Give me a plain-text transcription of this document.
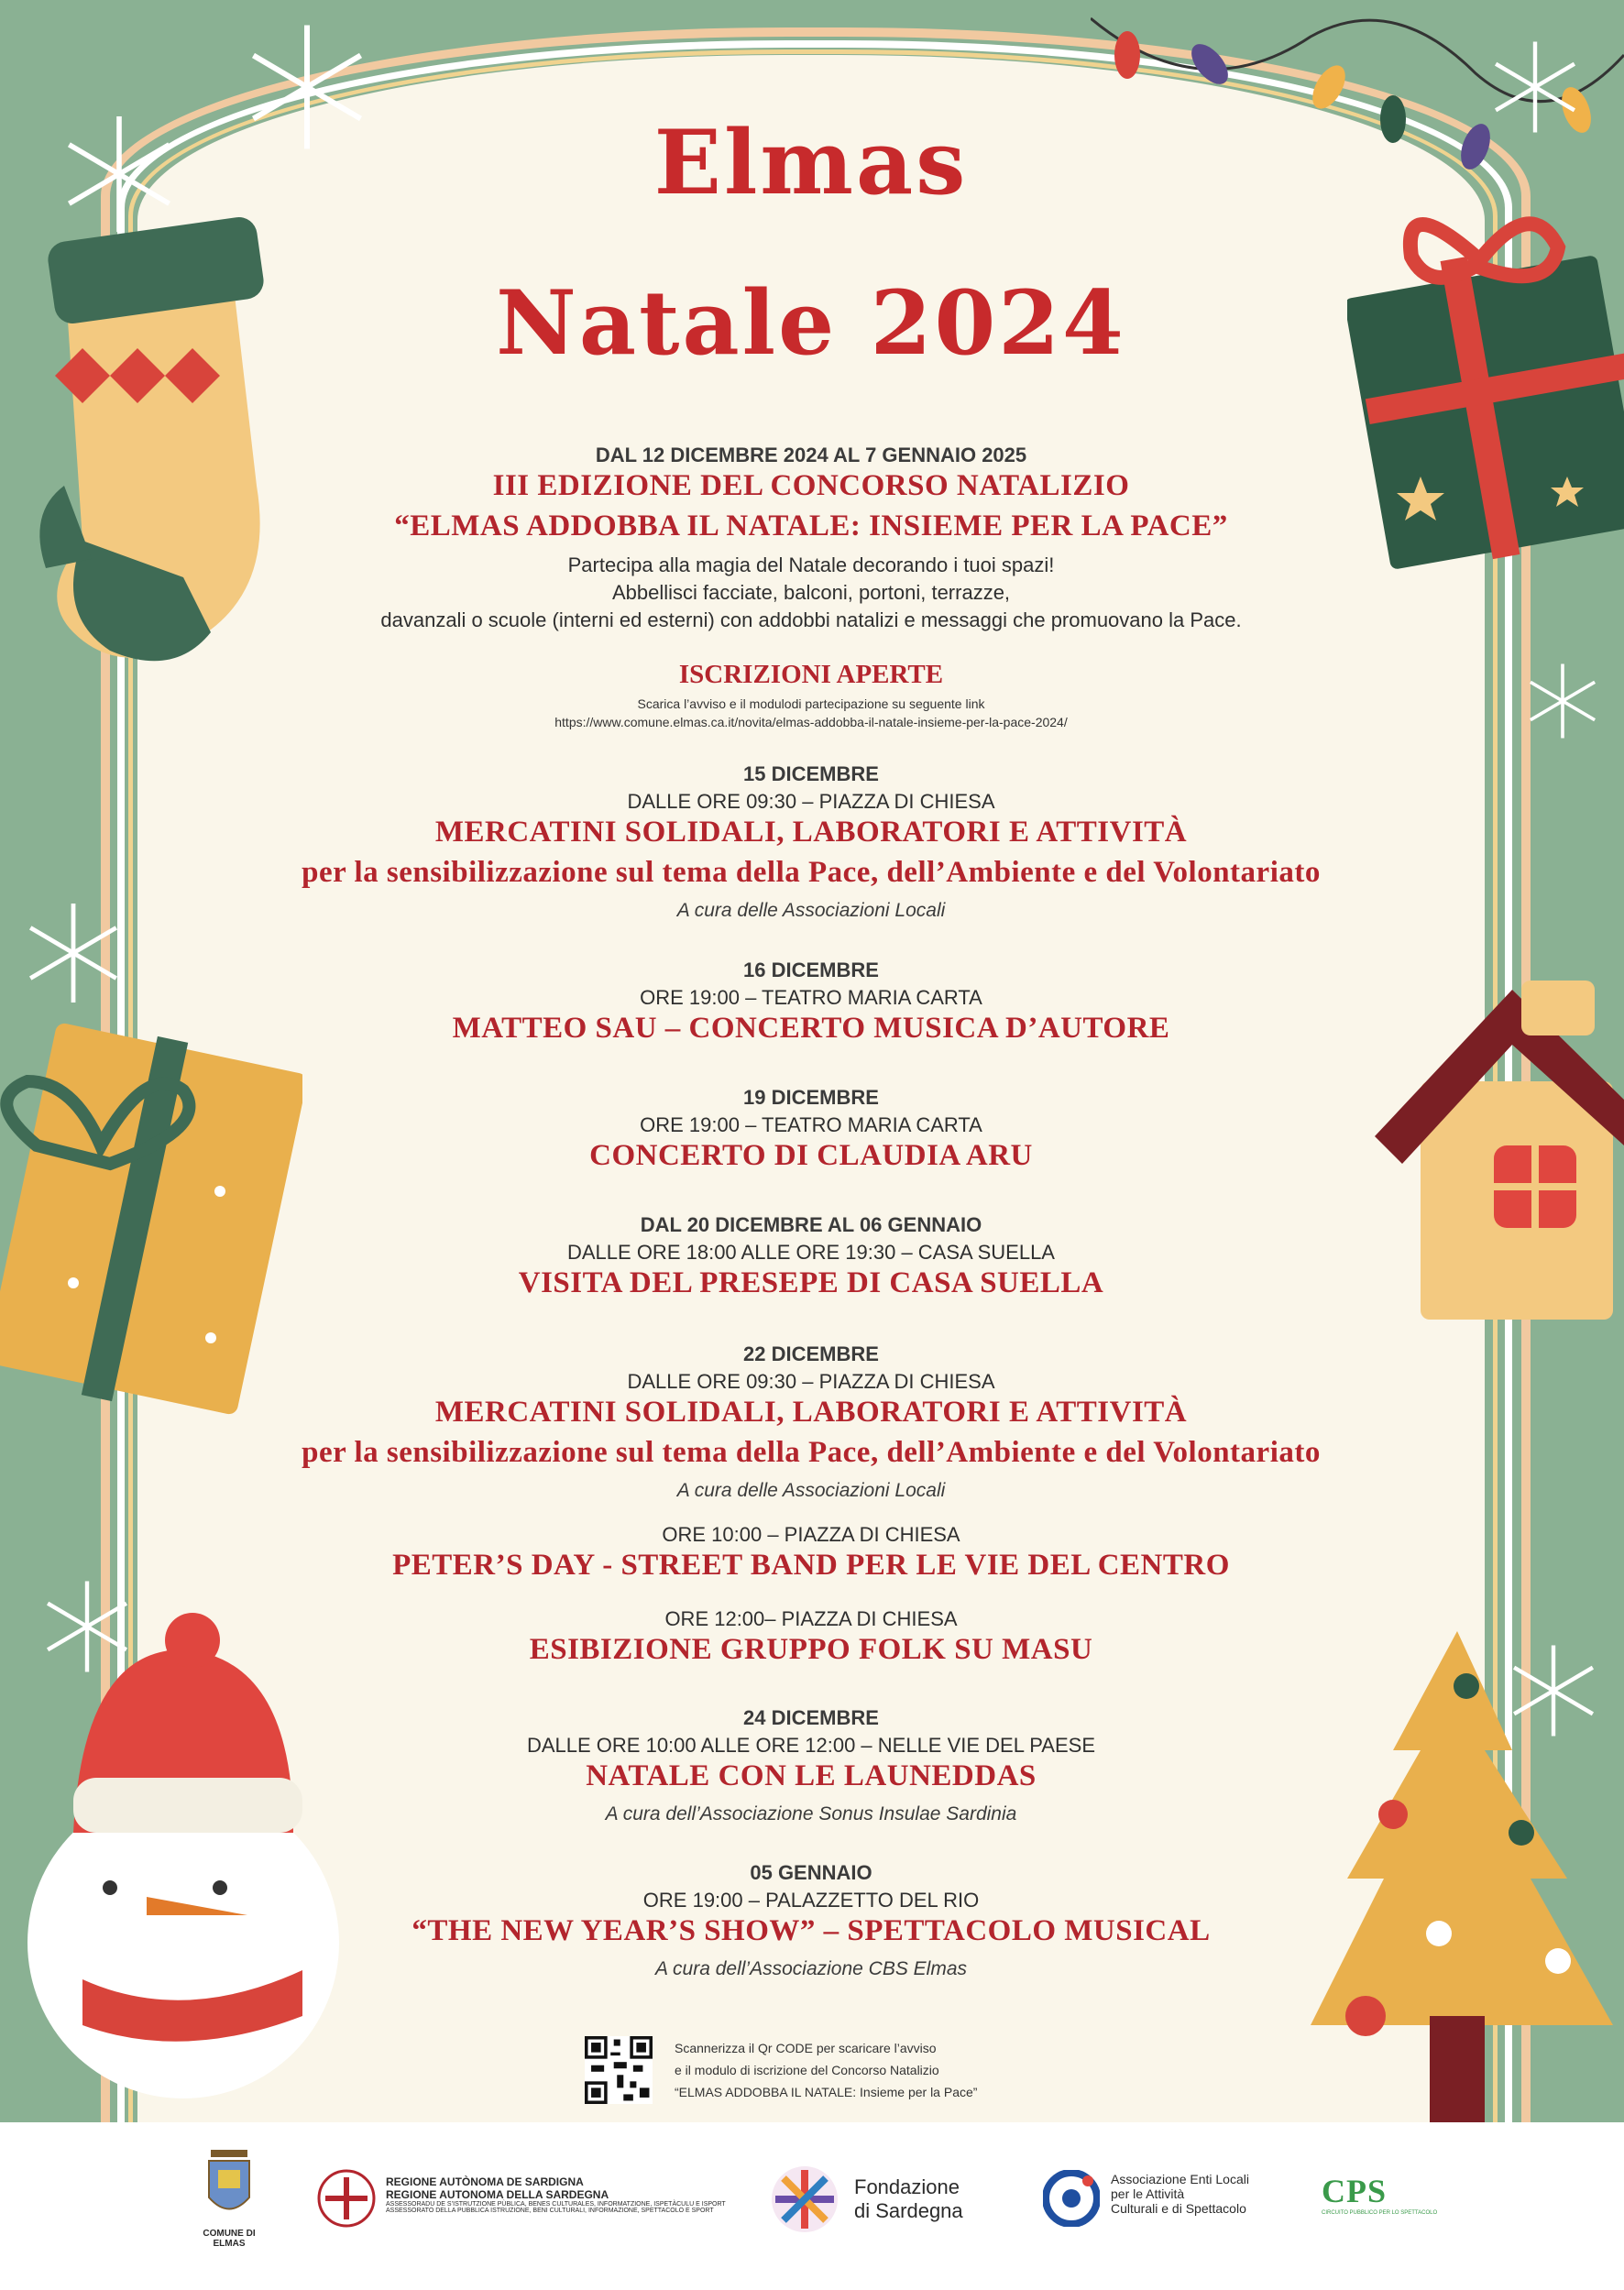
Elmas
Natale 2024
DAL 12 DICEMBRE 2024 AL 7 GENNAIO 2025
III EDIZIONE DEL CONCORSO NATALIZIO
“ELMAS ADDOBBA IL NATALE: INSIEME PER LA PACE”
Partecipa alla magia del Natale decorando i tuoi spazi!
Abbellisci facciate, balconi, portoni, terrazze,
davanzali o scuole (interni ed esterni) con addobbi natalizi e messaggi che promuovano la Pace.
ISCRIZIONI APERTE
Scarica l’avviso e il modulodi partecipazione su seguente link
https://www.comune.elmas.ca.it/novita/elmas-addobba-il-natale-insieme-per-la-pace-2024/
15 DICEMBRE
DALLE ORE 09:30 – PIAZZA DI CHIESA
MERCATINI SOLIDALI, LABORATORI E ATTIVITÀ
per la sensibilizzazione sul tema della Pace, dell’Ambiente e del Volontariato
A cura delle Associazioni Locali
16 DICEMBRE
ORE 19:00 – TEATRO MARIA CARTA
MATTEO SAU – CONCERTO MUSICA D’AUTORE
19 DICEMBRE
ORE 19:00 – TEATRO MARIA CARTA
CONCERTO DI CLAUDIA ARU
DAL 20 DICEMBRE AL 06 GENNAIO
DALLE ORE 18:00 ALLE ORE 19:30 – CASA SUELLA
VISITA DEL PRESEPE DI CASA SUELLA
22 DICEMBRE
DALLE ORE 09:30 – PIAZZA DI CHIESA
MERCATINI SOLIDALI, LABORATORI E ATTIVITÀ
per la sensibilizzazione sul tema della Pace, dell’Ambiente e del Volontariato
A cura delle Associazioni Locali
ORE 10:00 – PIAZZA DI CHIESA
PETER’S DAY - STREET BAND PER LE VIE DEL CENTRO
ORE 12:00– PIAZZA DI CHIESA
ESIBIZIONE GRUPPO FOLK SU MASU
24 DICEMBRE
DALLE ORE 10:00 ALLE ORE 12:00 – NELLE VIE DEL PAESE
NATALE CON LE LAUNEDDAS
A cura dell’Associazione Sonus Insulae Sardinia
05 GENNAIO
ORE 19:00 – PALAZZETTO DEL RIO
“THE NEW YEAR’S SHOW” – SPETTACOLO MUSICAL
A cura dell’Associazione CBS Elmas
Scannerizza il Qr CODE per scaricare l’avviso
e il modulo di iscrizione del Concorso Natalizio
“ELMAS ADDOBBA IL NATALE: Insieme per la Pace”
COMUNE DI ELMAS
REGIONE AUTÒNOMA DE SARDIGNA
REGIONE AUTONOMA DELLA SARDEGNA
ASSESSORADU DE S’ISTRUTZIONE PÙBLICA, BENES CULTURALES, INFORMATZIONE, ISPETÀCULU E ISPORT
ASSESSORATO DELLA PUBBLICA ISTRUZIONE, BENI CULTURALI, INFORMAZIONE, SPETTACOLO E SPORT
Fondazione
di Sardegna
Associazione Enti Locali
per le Attività
Culturali e di Spettacolo	CPS
CIRCUITO PUBBLICO PER LO SPETTACOLO
